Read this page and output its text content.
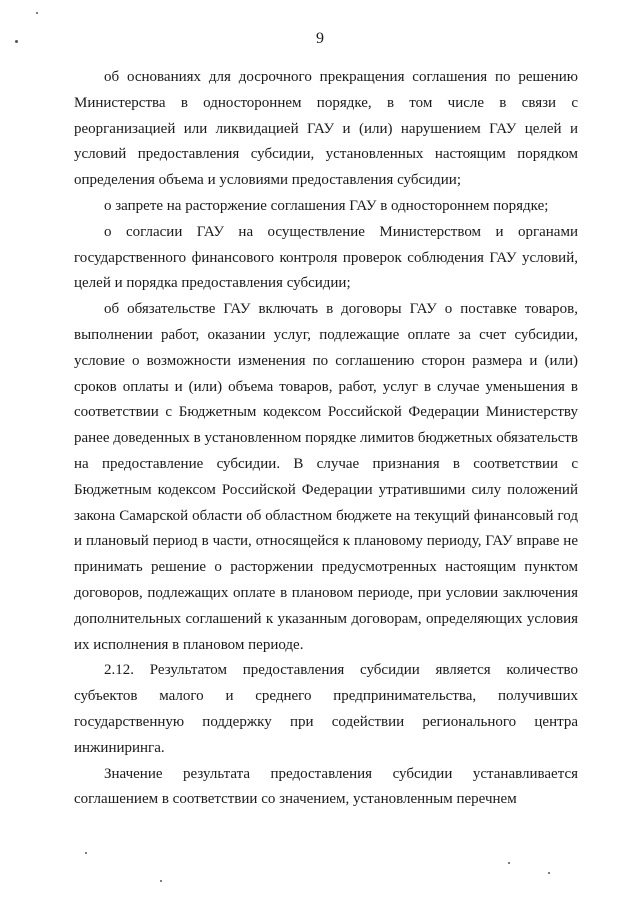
9

об основаниях для досрочного прекращения соглашения по решению Министерства в одностороннем порядке, в том числе в связи с реорганизацией или ликвидацией ГАУ и (или) нарушением ГАУ целей и условий предоставления субсидии, установленных настоящим порядком определения объема и условиями предоставления субсидии;

о запрете на расторжение соглашения ГАУ в одностороннем порядке;

о согласии ГАУ на осуществление Министерством и органами государственного финансового контроля проверок соблюдения ГАУ условий, целей и порядка предоставления субсидии;

об обязательстве ГАУ включать в договоры ГАУ о поставке товаров, выполнении работ, оказании услуг, подлежащие оплате за счет субсидии, условие о возможности изменения по соглашению сторон размера и (или) сроков оплаты и (или) объема товаров, работ, услуг в случае уменьшения в соответствии с Бюджетным кодексом Российской Федерации Министерству ранее доведенных в установленном порядке лимитов бюджетных обязательств на предоставление субсидии. В случае признания в соответствии с Бюджетным кодексом Российской Федерации утратившими силу положений закона Самарской области об областном бюджете на текущий финансовый год и плановый период в части, относящейся к плановому периоду, ГАУ вправе не принимать решение о расторжении предусмотренных настоящим пунктом договоров, подлежащих оплате в плановом периоде, при условии заключения дополнительных соглашений к указанным договорам, определяющих условия их исполнения в плановом периоде.

2.12. Результатом предоставления субсидии является количество субъектов малого и среднего предпринимательства, получивших государственную поддержку при содействии регионального центра инжиниринга.

Значение результата предоставления субсидии устанавливается соглашением в соответствии со значением, установленным перечнем
